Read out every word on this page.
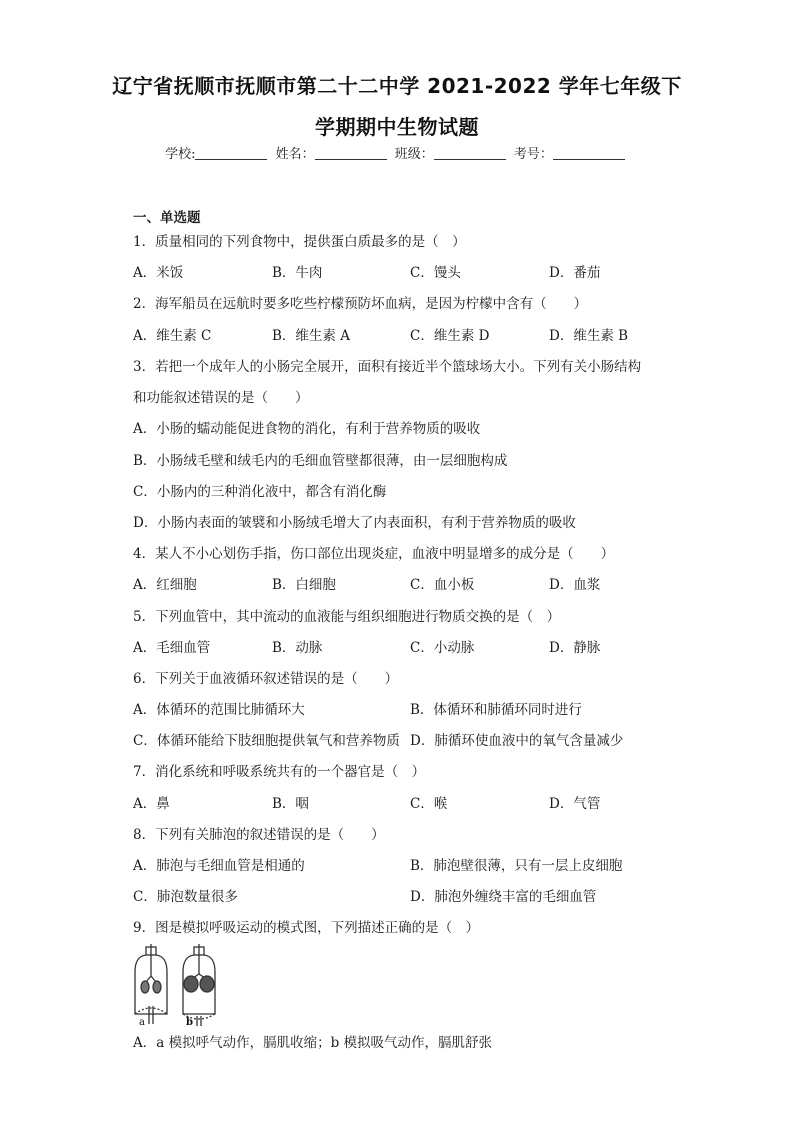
辽宁省抚顺市抚顺市第二十二中学 2021-2022 学年七年级下
学期期中生物试题
学校:	姓名：	班级：	考号：
一、单选题
1．质量相同的下列食物中，提供蛋白质最多的是（　）
A．米饭	B．牛肉	C．馒头	D．番茄
2．海军船员在远航时要多吃些柠檬预防坏血病，是因为柠檬中含有（　　）
A．维生素 C	B．维生素 A	C．维生素 D	D．维生素 B
3．若把一个成年人的小肠完全展开，面积有接近半个篮球场大小。下列有关小肠结构
和功能叙述错误的是（　　）
A．小肠的蠕动能促进食物的消化，有利于营养物质的吸收
B．小肠绒毛壁和绒毛内的毛细血管壁都很薄，由一层细胞构成
C．小肠内的三种消化液中，都含有消化酶
D．小肠内表面的皱襞和小肠绒毛增大了内表面积，有利于营养物质的吸收
4．某人不小心划伤手指，伤口部位出现炎症，血液中明显增多的成分是（　　）
A．红细胞	B．白细胞	C．血小板	D．血浆
5．下列血管中，其中流动的血液能与组织细胞进行物质交换的是（　）
A．毛细血管	B．动脉	C．小动脉	D．静脉
6．下列关于血液循环叙述错误的是（　　）
A．体循环的范围比肺循环大	B．体循环和肺循环同时进行
C．体循环能给下肢细胞提供氧气和营养物质 D．肺循环使血液中的氧气含量减少
7．消化系统和呼吸系统共有的一个器官是（　）
A．鼻	B．咽	C．喉	D．气管
8．下列有关肺泡的叙述错误的是（　　）
A．肺泡与毛细血管是相通的	B．肺泡壁很薄，只有一层上皮细胞
C．肺泡数量很多	D．肺泡外缠绕丰富的毛细血管
9．图是模拟呼吸运动的模式图，下列描述正确的是（　）
a	b
A．a 模拟呼气动作，膈肌收缩；b 模拟吸气动作，膈肌舒张
